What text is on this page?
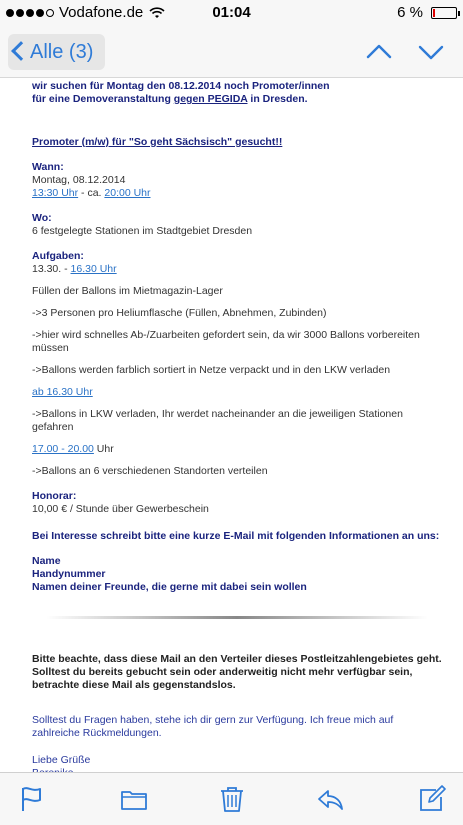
Vodafone.de	01:04	6 %
Alle (3)
wir suchen für Montag den 08.12.2014 noch Promoter/innen
für eine Demoveranstaltung gegen PEGIDA in Dresden.
Promoter (m/w) für "So geht Sächsisch" gesucht!!
Wann:
Montag, 08.12.2014
13:30 Uhr - ca. 20:00 Uhr
Wo:
6 festgelegte Stationen im Stadtgebiet Dresden
Aufgaben:
13.30. - 16.30 Uhr
Füllen der Ballons im Mietmagazin-Lager
->3 Personen pro Heliumflasche (Füllen, Abnehmen, Zubinden)
->hier wird schnelles Ab-/Zuarbeiten gefordert sein, da wir 3000 Ballons vorbereiten müssen
->Ballons werden farblich sortiert in Netze verpackt und in den LKW verladen
ab 16.30 Uhr
->Ballons in LKW verladen, Ihr werdet nacheinander an die jeweiligen Stationen gefahren
17.00 - 20.00 Uhr
->Ballons an 6 verschiedenen Standorten verteilen
Honorar:
10,00 € / Stunde über Gewerbeschein
Bei Interesse schreibt bitte eine kurze E-Mail mit folgenden Informationen an uns:
Name
Handynummer
Namen deiner Freunde, die gerne mit dabei sein wollen
Bitte beachte, dass diese Mail an den Verteiler dieses Postleitzahlengebietes geht. Solltest du bereits gebucht sein oder anderweitig nicht mehr verfügbar sein, betrachte diese Mail als gegenstandslos.
Solltest du Fragen haben, stehe ich dir gern zur Verfügung. Ich freue mich auf zahlreiche Rückmeldungen.
Liebe Grüße
